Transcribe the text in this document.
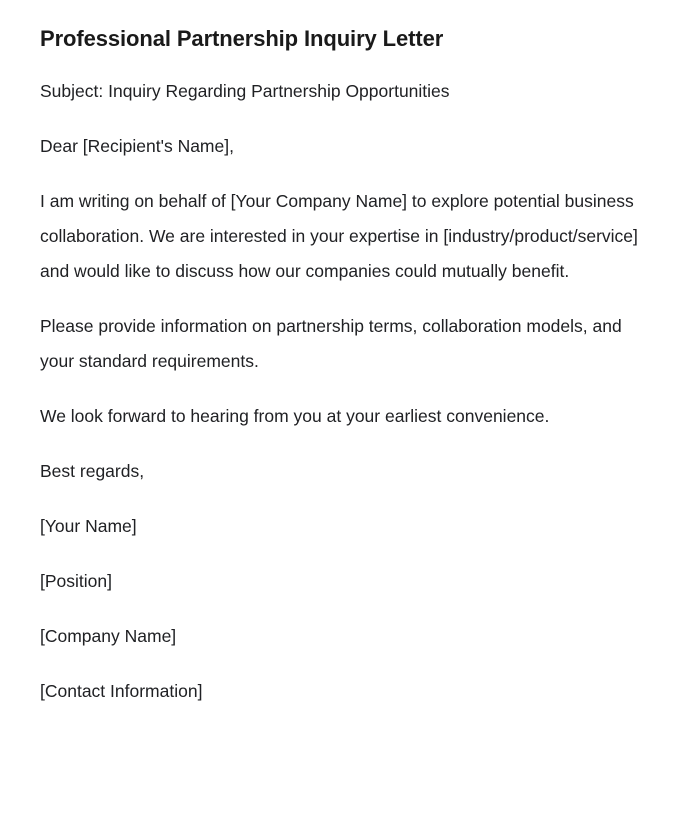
Professional Partnership Inquiry Letter

Subject: Inquiry Regarding Partnership Opportunities

Dear [Recipient's Name],

I am writing on behalf of [Your Company Name] to explore potential business collaboration. We are interested in your expertise in [industry/product/service] and would like to discuss how our companies could mutually benefit.

Please provide information on partnership terms, collaboration models, and your standard requirements.

We look forward to hearing from you at your earliest convenience.

Best regards,

[Your Name]

[Position]

[Company Name]

[Contact Information]
